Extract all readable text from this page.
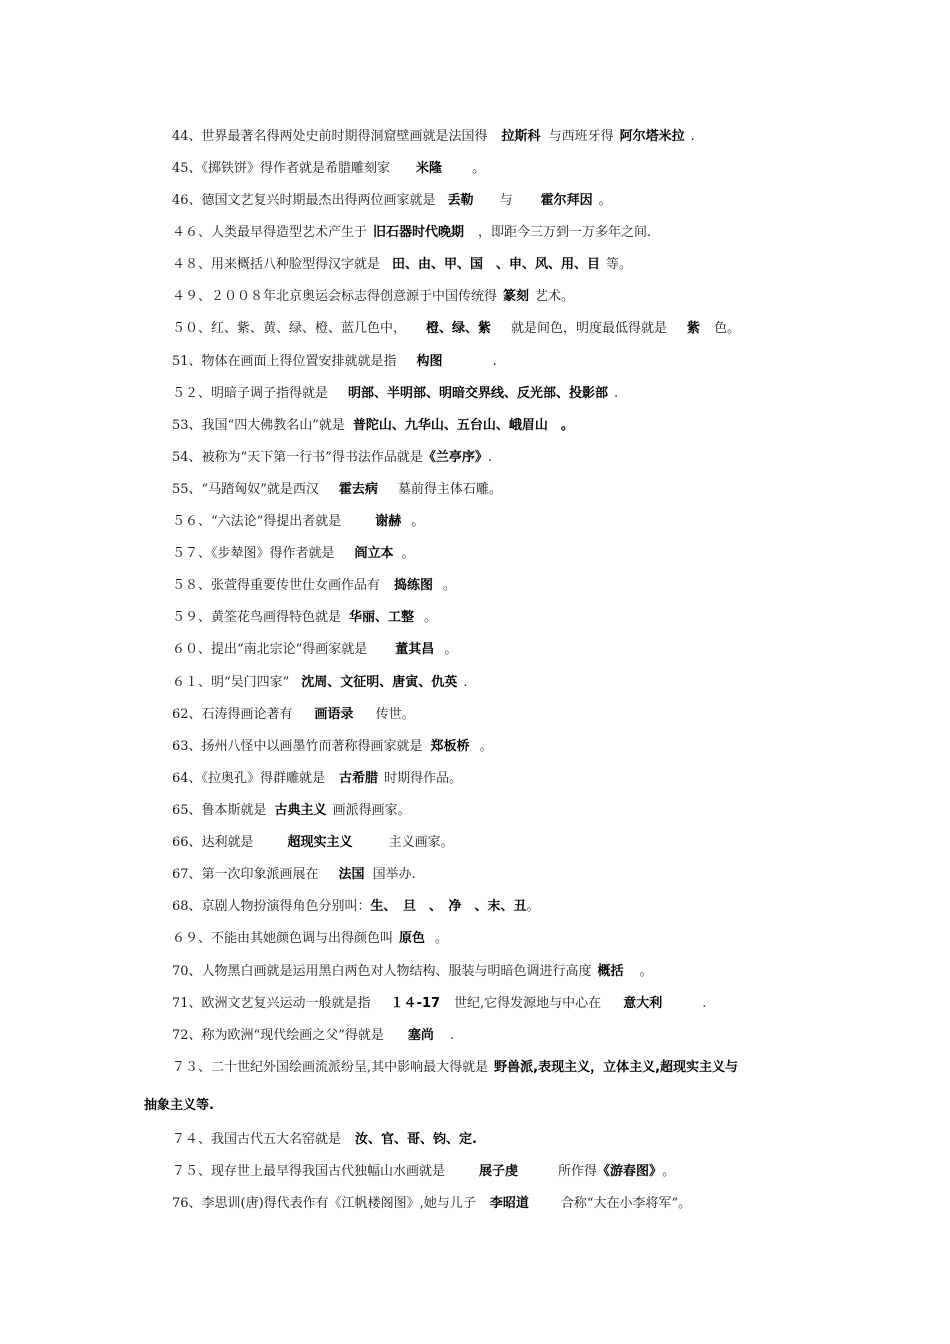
44、世界最著名得两处史前时期得洞窟壁画就是法国得 拉斯科 与西班牙得 阿尔塔米拉 .
45、《掷铁饼》得作者就是希腊雕刻家 米隆 。
46、德国文艺复兴时期最杰出得两位画家就是 丢勒 与 霍尔拜因 。
４６、人类最早得造型艺术产生于 旧石器时代晚期 ，即距今三万到一万多年之间.
４８、用来概括八种脸型得汉字就是 田、由、甲、国　、申、风、用、目 等。
４９、２００８年北京奥运会标志得创意源于中国传统得 篆刻 艺术。
５０、红、紫、黄、绿、橙、蓝几色中， 橙、绿、紫 就是间色，明度最低得就是 紫 色。
51、物体在画面上得位置安排就就是指 构图	.
５２、明暗子调子指得就是 明部、半明部、明暗交界线、反光部、投影部 .
53、我国“四大佛教名山”就是 普陀山、九华山、五台山、峨眉山　。
54、被称为“天下第一行书”得书法作品就是《兰亭序》.
55、“马踏匈奴”就是西汉 霍去病 墓前得主体石雕。
５６、“六法论”得提出者就是	谢赫 。
５７、《步辇图》得作者就是 阎立本 。
５８、张萱得重要传世仕女画作品有 捣练图 。
５９、黄筌花鸟画得特色就是 华丽、工整 。
６０、提出“南北宗论”得画家就是 董其昌 。
６１、明“吴门四家” 沈周、文征明、唐寅、仇英 .
62、石涛得画论著有 画语录 传世。
63、扬州八怪中以画墨竹而著称得画家就是 郑板桥 。
64、《拉奥孔》得群雕就是 古希腊 时期得作品。
65、鲁本斯就是 古典主义 画派得画家。
66、达利就是	超现实主义	主义画家。
67、第一次印象派画展在 法国 国举办.
68、京剧人物扮演得角色分别叫：生、　旦　、　净　、末、丑。
６９、不能由其她颜色调与出得颜色叫 原色 。
70、人物黑白画就是运用黑白两色对人物结构、服装与明暗色调进行高度 概括 。
71、欧洲文艺复兴运动一般就是指 １４-17 世纪,它得发源地与中心在 意大利	.
72、称为欧洲“现代绘画之父”得就是 塞尚 .
７３、二十世纪外国绘画流派纷呈,其中影响最大得就是 野兽派,表现主义，立体主义,超现实主义与
抽象主义等.
７４、我国古代五大名窑就是 汝、官、哥、钧、定.
７５、现存世上最早得我国古代独幅山水画就是	展子虔	所作得《游春图》。
76、李思训(唐)得代表作有《江帆楼阁图》,她与儿子 李昭道 合称“大在小李将军”。
